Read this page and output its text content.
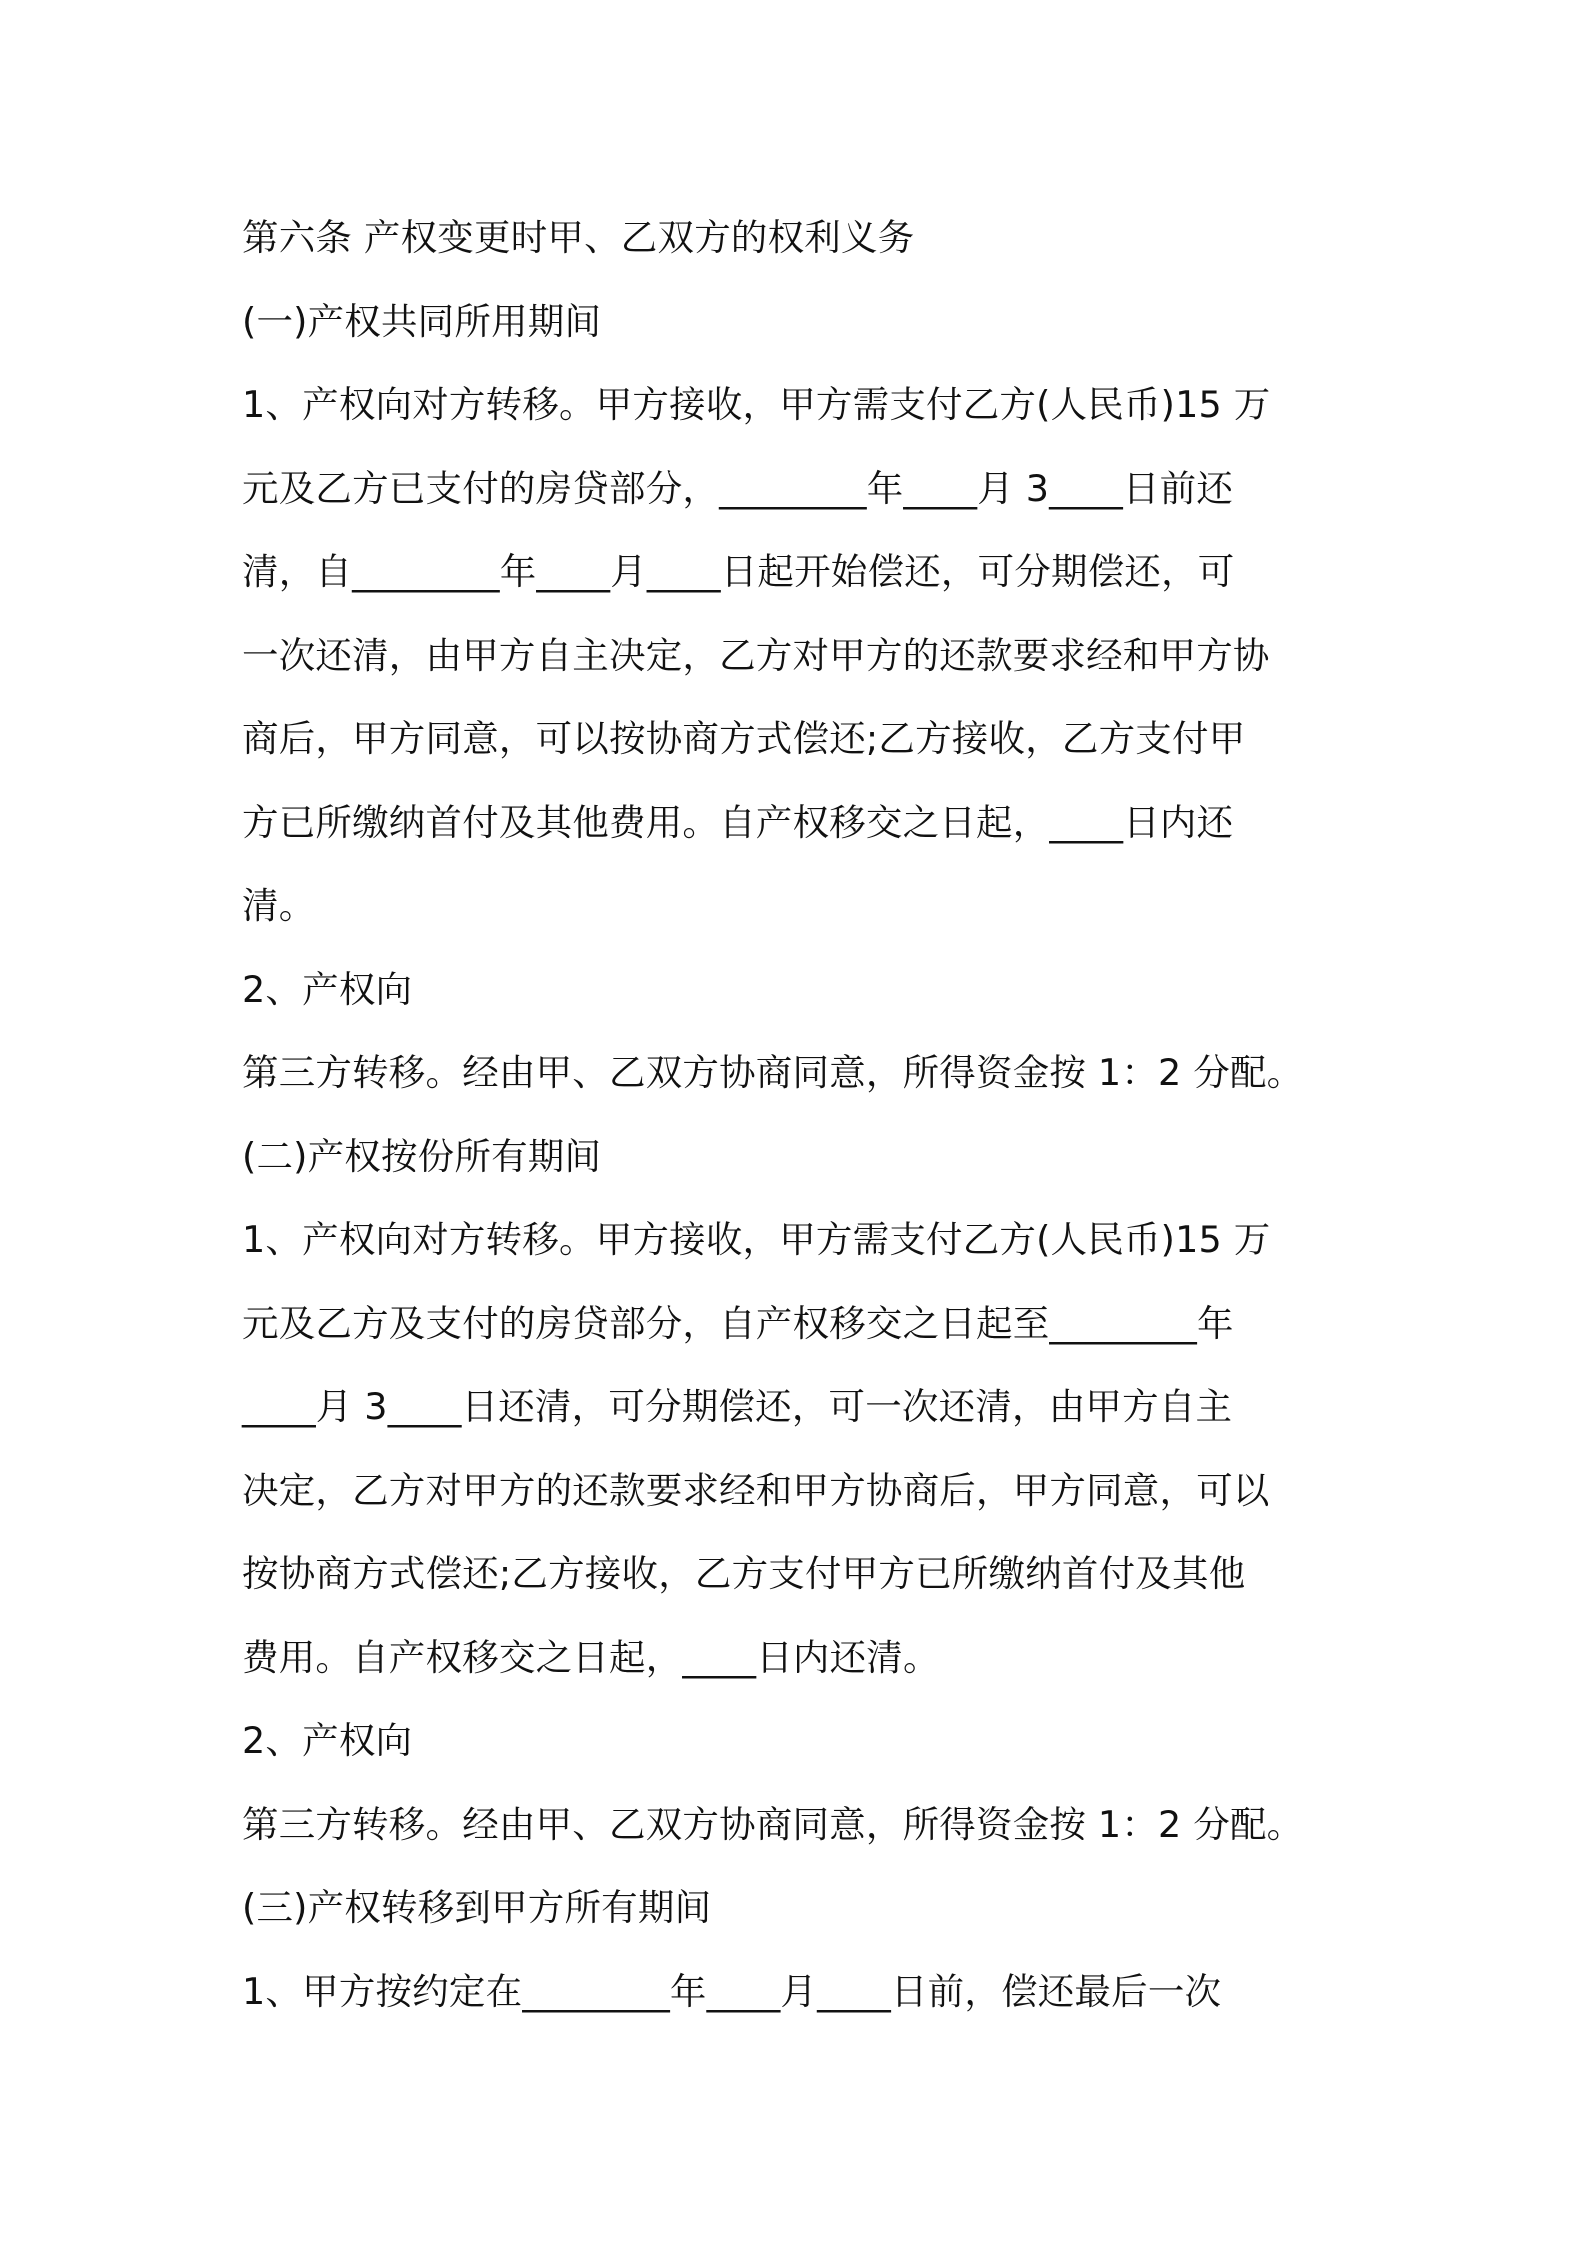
第六条 产权变更时甲、乙双方的权利义务
(一)产权共同所用期间
1、产权向对方转移。甲方接收，甲方需支付乙方(人民币)15 万
元及乙方已支付的房贷部分，________年____月 3____日前还
清，自________年____月____日起开始偿还，可分期偿还，可
一次还清，由甲方自主决定，乙方对甲方的还款要求经和甲方协
商后，甲方同意，可以按协商方式偿还;乙方接收，乙方支付甲
方已所缴纳首付及其他费用。自产权移交之日起，____日内还
清。
2、产权向
第三方转移。经由甲、乙双方协商同意，所得资金按 1：2 分配。
(二)产权按份所有期间
1、产权向对方转移。甲方接收，甲方需支付乙方(人民币)15 万
元及乙方及支付的房贷部分，自产权移交之日起至________年
____月 3____日还清，可分期偿还，可一次还清，由甲方自主
决定，乙方对甲方的还款要求经和甲方协商后，甲方同意，可以
按协商方式偿还;乙方接收，乙方支付甲方已所缴纳首付及其他
费用。自产权移交之日起，____日内还清。
2、产权向
第三方转移。经由甲、乙双方协商同意，所得资金按 1：2 分配。
(三)产权转移到甲方所有期间
1、甲方按约定在________年____月____日前，偿还最后一次
